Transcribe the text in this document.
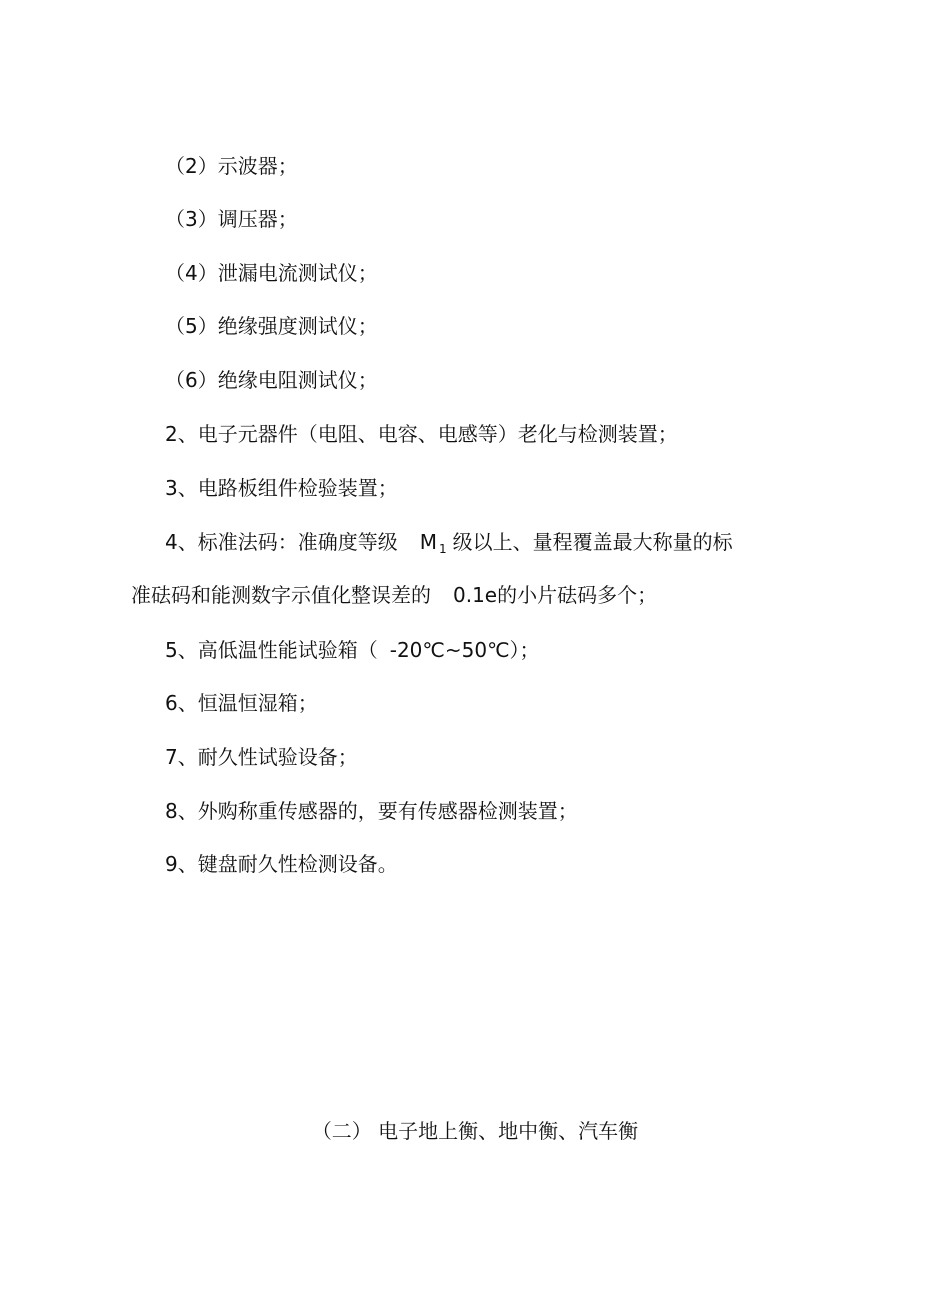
（2）示波器；
（3）调压器；
（4）泄漏电流测试仪；
（5）绝缘强度测试仪；
（6）绝缘电阻测试仪；
2、电子元器件（电阻、电容、电感等）老化与检测装置；
3、电路板组件检验装置；
4、标准法码：准确度等级 M $_1$ 级以上、量程覆盖最大称量的标
准砝码和能测数字示值化整误差的 0.1e的小片砝码多个；
5、高低温性能试验箱（ -20℃~50℃）；
6、恒温恒湿箱；
7、耐久性试验设备；
8、外购称重传感器的，要有传感器检测装置；
9、键盘耐久性检测设备。
（二） 电子地上衡、地中衡、汽车衡
